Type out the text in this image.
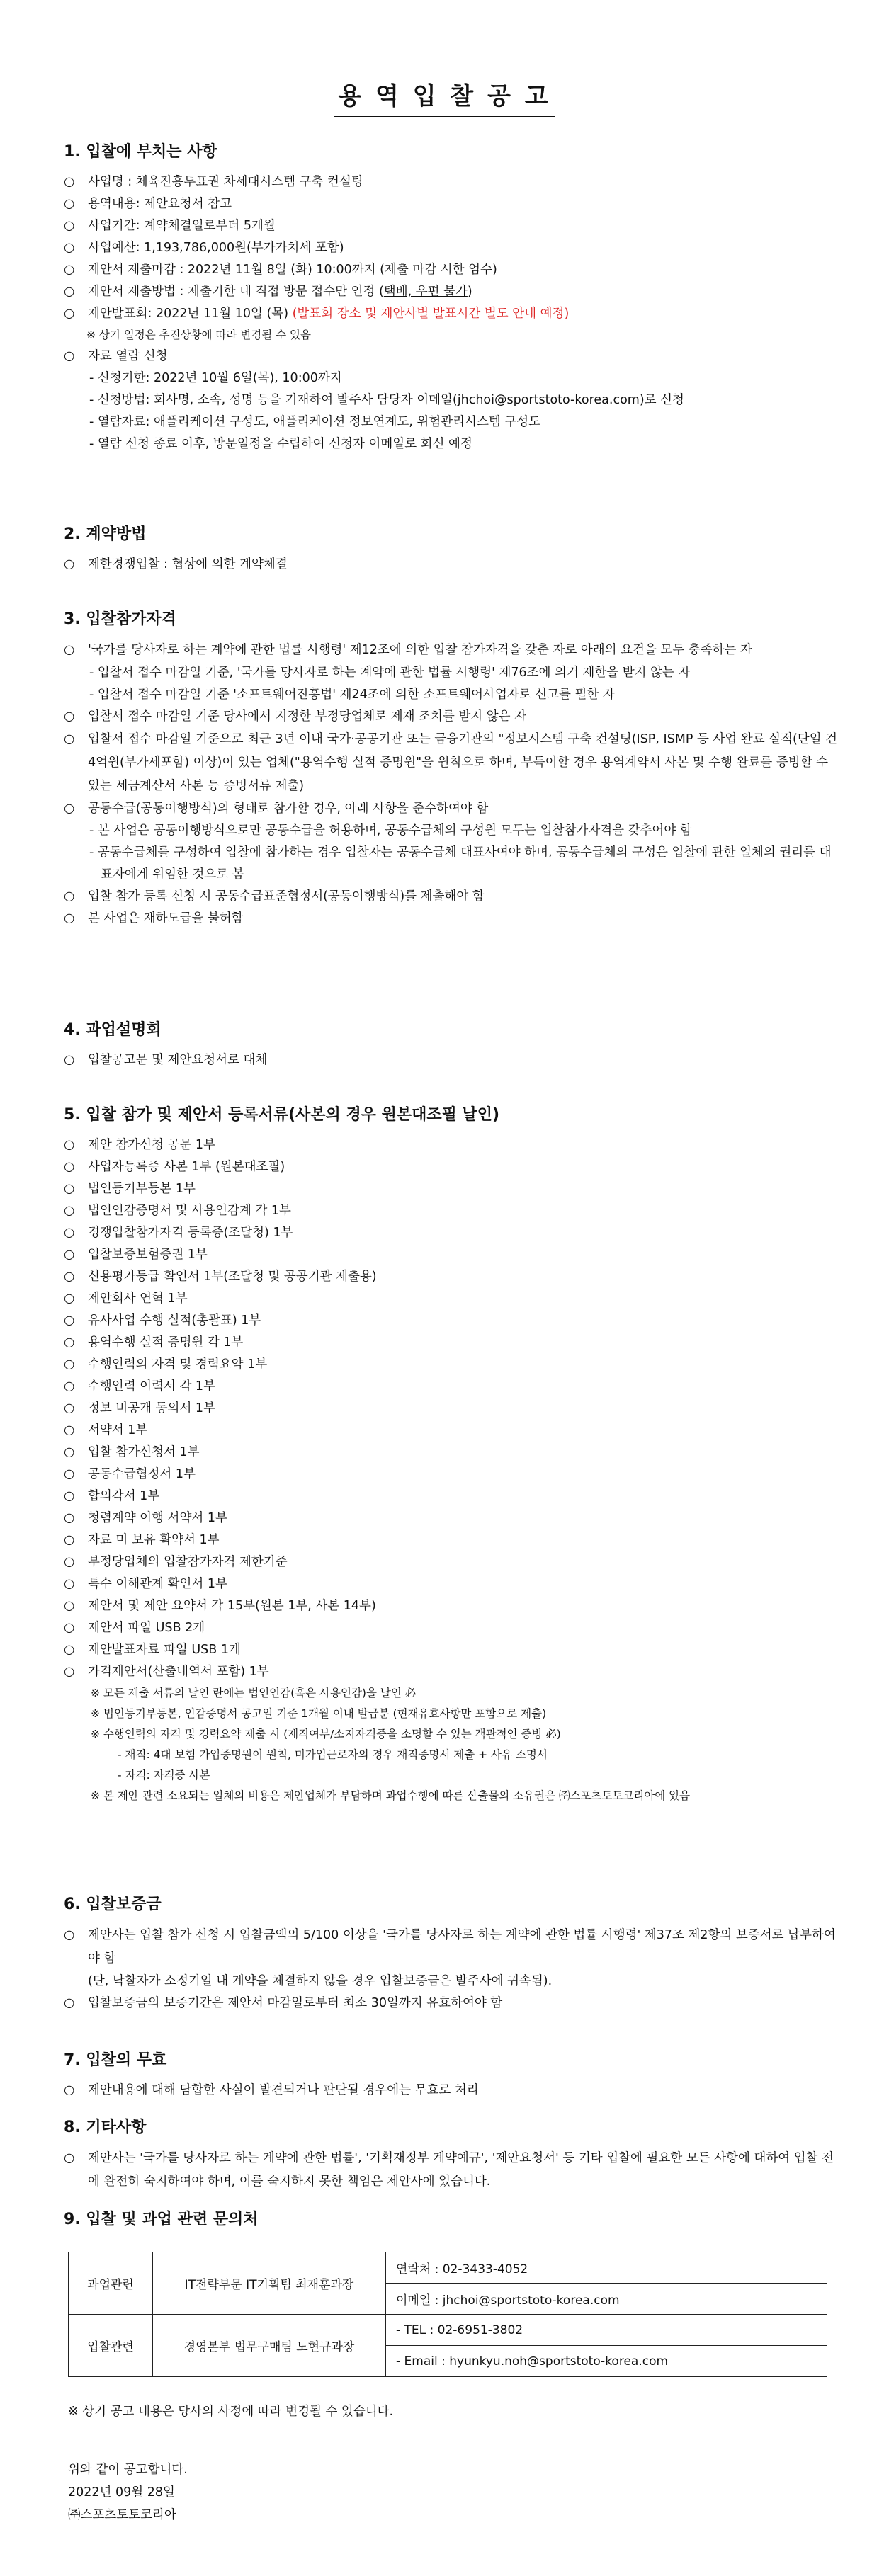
용 역 입 찰 공 고
1. 입찰에 부치는 사항
○ 사업명 : 체육진흥투표권 차세대시스템 구축 컨설팅
○ 용역내용: 제안요청서 참고
○ 사업기간: 계약체결일로부터 5개월
○ 사업예산: 1,193,786,000원(부가가치세 포함)
○ 제안서 제출마감 : 2022년 11월 8일 (화) 10:00까지 (제출 마감 시한 엄수)
○ 제안서 제출방법 : 제출기한 내 직접 방문 접수만 인정 (택배, 우편 불가)
○ 제안발표회: 2022년 11월 10일 (목) (발표회 장소 및 제안사별 발표시간 별도 안내 예정)
※ 상기 일정은 추진상황에 따라 변경될 수 있음
○ 자료 열람 신청
- 신청기한: 2022년 10월 6일(목), 10:00까지
- 신청방법: 회사명, 소속, 성명 등을 기재하여 발주사 담당자 이메일(jhchoi@sportstoto-korea.com)로 신청
- 열람자료: 애플리케이션 구성도, 애플리케이션 정보연계도, 위험관리시스템 구성도
- 열람 신청 종료 이후, 방문일정을 수립하여 신청자 이메일로 회신 예정
2. 계약방법
○ 제한경쟁입찰 : 협상에 의한 계약체결
3. 입찰참가자격
○ '국가를 당사자로 하는 계약에 관한 법률 시행령' 제12조에 의한 입찰 참가자격을 갖춘 자로 아래의 요건을 모두 충족하는 자
- 입찰서 접수 마감일 기준, '국가를 당사자로 하는 계약에 관한 법률 시행령' 제76조에 의거 제한을 받지 않는 자
- 입찰서 접수 마감일 기준 '소프트웨어진흥법' 제24조에 의한 소프트웨어사업자로 신고를 필한 자
○ 입찰서 접수 마감일 기준 당사에서 지정한 부정당업체로 제재 조치를 받지 않은 자
○ 입찰서 접수 마감일 기준으로 최근 3년 이내 국가·공공기관 또는 금융기관의 "정보시스템 구축 컨설팅(ISP, ISMP 등 사업 완료 실적(단일 건 4억원(부가세포함) 이상)이 있는 업체("용역수행 실적 증명원"을 원칙으로 하며, 부득이할 경우 용역계약서 사본 및 수행 완료를 증빙할 수 있는 세금계산서 사본 등 증빙서류 제출)
○ 공동수급(공동이행방식)의 형태로 참가할 경우, 아래 사항을 준수하여야 함
- 본 사업은 공동이행방식으로만 공동수급을 허용하며, 공동수급체의 구성원 모두는 입찰참가자격을 갖추어야 함
- 공동수급체를 구성하여 입찰에 참가하는 경우 입찰자는 공동수급체 대표사여야 하며, 공동수급체의 구성은 입찰에 관한 일체의 권리를 대표자에게 위임한 것으로 봄
○ 입찰 참가 등록 신청 시 공동수급표준협정서(공동이행방식)를 제출해야 함
○ 본 사업은 재하도급을 불허함
4. 과업설명회
○ 입찰공고문 및 제안요청서로 대체
5. 입찰 참가 및 제안서 등록서류(사본의 경우 원본대조필 날인)
○ 제안 참가신청 공문 1부
○ 사업자등록증 사본 1부 (원본대조필)
○ 법인등기부등본 1부
○ 법인인감증명서 및 사용인감계 각 1부
○ 경쟁입찰참가자격 등록증(조달청) 1부
○ 입찰보증보험증권 1부
○ 신용평가등급 확인서 1부(조달청 및 공공기관 제출용)
○ 제안회사 연혁 1부
○ 유사사업 수행 실적(총괄표) 1부
○ 용역수행 실적 증명원 각 1부
○ 수행인력의 자격 및 경력요약 1부
○ 수행인력 이력서 각 1부
○ 정보 비공개 동의서 1부
○ 서약서 1부
○ 입찰 참가신청서 1부
○ 공동수급협정서 1부
○ 합의각서 1부
○ 청렴계약 이행 서약서 1부
○ 자료 미 보유 확약서 1부
○ 부정당업체의 입찰참가자격 제한기준
○ 특수 이해관계 확인서 1부
○ 제안서 및 제안 요약서 각 15부(원본 1부, 사본 14부)
○ 제안서 파일 USB 2개
○ 제안발표자료 파일 USB 1개
○ 가격제안서(산출내역서 포함) 1부
※ 모든 제출 서류의 날인 란에는 법인인감(혹은 사용인감)을 날인 必
※ 법인등기부등본, 인감증명서 공고일 기준 1개월 이내 발급분 (현재유효사항만 포함으로 제출)
※ 수행인력의 자격 및 경력요약 제출 시 (재직여부/소지자격증을 소명할 수 있는 객관적인 증빙 必)
- 재직: 4대 보험 가입증명원이 원칙, 미가입근로자의 경우 재직증명서 제출 + 사유 소명서
- 자격: 자격증 사본
※ 본 제안 관련 소요되는 일체의 비용은 제안업체가 부담하며 과업수행에 따른 산출물의 소유권은 ㈜스포츠토토코리아에 있음
6. 입찰보증금
○ 제안사는 입찰 참가 신청 시 입찰금액의 5/100 이상을 '국가를 당사자로 하는 계약에 관한 법률 시행령' 제37조 제2항의 보증서로 납부하여야 함
(단, 낙찰자가 소정기일 내 계약을 체결하지 않을 경우 입찰보증금은 발주사에 귀속됨).
○ 입찰보증금의 보증기간은 제안서 마감일로부터 최소 30일까지 유효하여야 함
7. 입찰의 무효
○ 제안내용에 대해 담합한 사실이 발견되거나 판단될 경우에는 무효로 처리
8. 기타사항
○ 제안사는 '국가를 당사자로 하는 계약에 관한 법률', '기획재정부 계약예규', '제안요청서' 등 기타 입찰에 필요한 모든 사항에 대하여 입찰 전에 완전히 숙지하여야 하며, 이를 숙지하지 못한 책임은 제안사에 있습니다.
9. 입찰 및 과업 관련 문의처
과업관련	IT전략부문 IT기획팀 최재훈과장	연락처 : 02-3433-4052
		이메일 : jhchoi@sportstoto-korea.com
입찰관련	경영본부 법무구매팀 노현규과장	- TEL : 02-6951-3802
		- Email : hyunkyu.noh@sportstoto-korea.com
※ 상기 공고 내용은 당사의 사정에 따라 변경될 수 있습니다.
위와 같이 공고합니다.
2022년 09월 28일
㈜스포츠토토코리아
